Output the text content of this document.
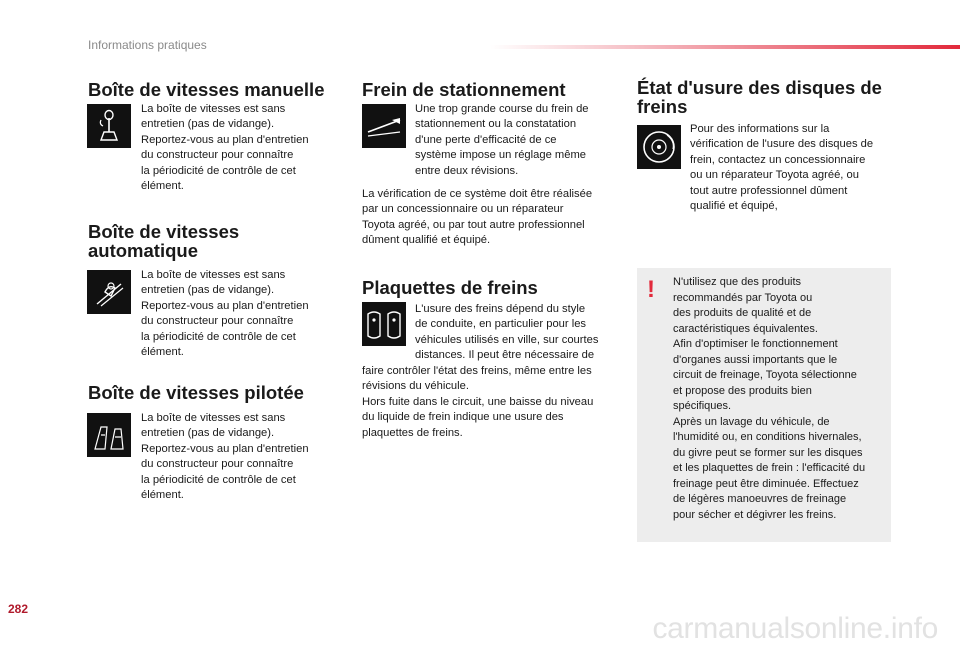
Informations pratiques
Boîte de vitesses manuelle
La boîte de vitesses est sans
entretien (pas de vidange).
Reportez-vous au plan d'entretien
du constructeur pour connaître
la périodicité de contrôle de cet
élément.
Boîte de vitesses
automatique
La boîte de vitesses est sans
entretien (pas de vidange).
Reportez-vous au plan d'entretien
du constructeur pour connaître
la périodicité de contrôle de cet
élément.
Boîte de vitesses pilotée
La boîte de vitesses est sans
entretien (pas de vidange).
Reportez-vous au plan d'entretien
du constructeur pour connaître
la périodicité de contrôle de cet
élément.
Frein de stationnement
Une trop grande course du frein de
stationnement ou la constatation
d'une perte d'efficacité de ce
système impose un réglage même
entre deux révisions.
La vérification de ce système doit être réalisée
par un concessionnaire ou un réparateur
Toyota agréé, ou par tout autre professionnel
dûment qualifié et équipé.
Plaquettes de freins
L'usure des freins dépend du style
de conduite, en particulier pour les
véhicules utilisés en ville, sur courtes
distances. Il peut être nécessaire de
faire contrôler l'état des freins, même entre les
révisions du véhicule.
Hors fuite dans le circuit, une baisse du niveau
du liquide de frein indique une usure des
plaquettes de freins.
État d'usure des disques de
freins
Pour des informations sur la
vérification de l'usure des disques de
frein, contactez un concessionnaire
ou un réparateur Toyota agréé, ou
tout autre professionnel dûment
qualifié et équipé,
! N'utilisez que des produits
recommandés par Toyota ou
des produits de qualité et de
caractéristiques équivalentes.
Afin d'optimiser le fonctionnement
d'organes aussi importants que le
circuit de freinage, Toyota sélectionne
et propose des produits bien
spécifiques.
Après un lavage du véhicule, de
l'humidité ou, en conditions hivernales,
du givre peut se former sur les disques
et les plaquettes de frein : l'efficacité du
freinage peut être diminuée. Effectuez
de légères manoeuvres de freinage
pour sécher et dégivrer les freins.
282
carmanualsonline.info
